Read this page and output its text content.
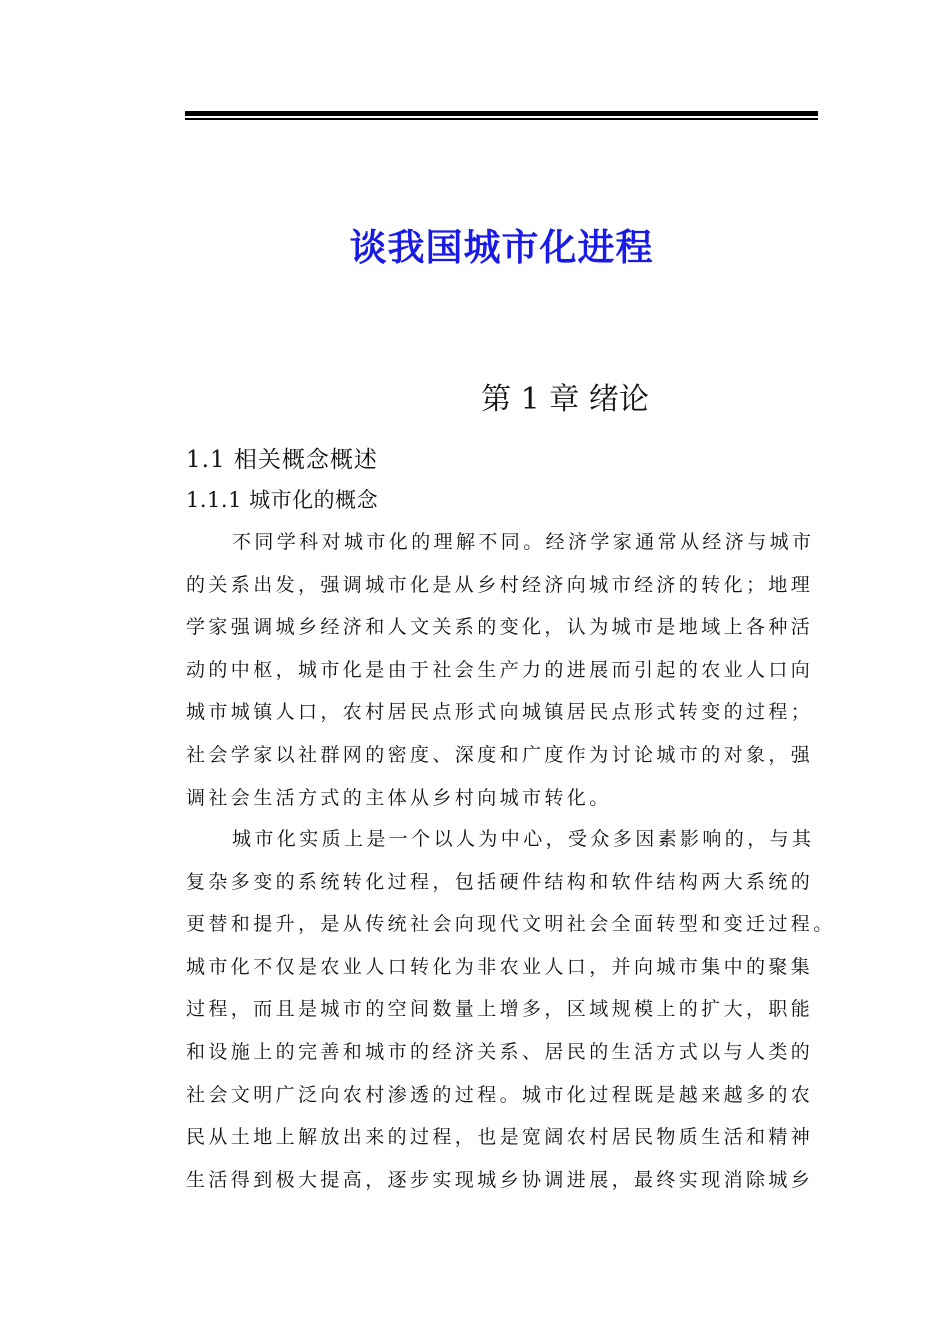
谈我国城市化进程
第 1 章 绪论
1.1 相关概念概述
1.1.1 城市化的概念
不同学科对城市化的理解不同。经济学家通常从经济与城市
的关系出发，强调城市化是从乡村经济向城市经济的转化；地理
学家强调城乡经济和人文关系的变化，认为城市是地域上各种活
动的中枢，城市化是由于社会生产力的进展而引起的农业人口向
城市城镇人口，农村居民点形式向城镇居民点形式转变的过程；
社会学家以社群网的密度、深度和广度作为讨论城市的对象，强
调社会生活方式的主体从乡村向城市转化。
城市化实质上是一个以人为中心，受众多因素影响的，与其
复杂多变的系统转化过程，包括硬件结构和软件结构两大系统的
更替和提升，是从传统社会向现代文明社会全面转型和变迁过程。
城市化不仅是农业人口转化为非农业人口，并向城市集中的聚集
过程，而且是城市的空间数量上增多，区域规模上的扩大，职能
和设施上的完善和城市的经济关系、居民的生活方式以与人类的
社会文明广泛向农村渗透的过程。城市化过程既是越来越多的农
民从土地上解放出来的过程，也是宽阔农村居民物质生活和精神
生活得到极大提高，逐步实现城乡协调进展，最终实现消除城乡
